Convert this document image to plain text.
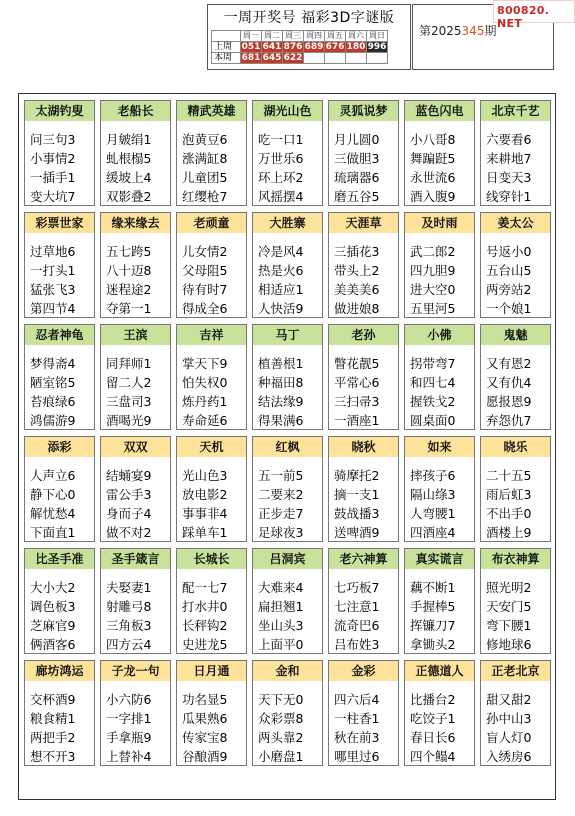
一周开奖号 福彩3D字谜版
	周一	周二	周三	周四	周五	周六	周日
上周	051	641	876	689	676	180	996
本周	681	645	622				
第2025345期
800820. NET
太湖钓叟
问三句3
小事情2
一插手1
变大坑7
老船长
月皴绢1
虬根榻5
缓坡上4
双影叠2
精武英雄
泡黄豆6
涨满缸8
儿童团5
红缨枪7
湖光山色
吃一口1
万世乐6
环上环2
风摇摆4
灵狐说梦
月儿圆0
三做胆3
琉璃器6
磨五谷5
蓝色闪电
小八哥8
舞蹁跹5
永世流6
酒入腹9
北京千艺
六要看6
来耕地7
日变天3
线穿针1
彩票世家
过草地6
一打头1
猛张飞3
第四节4
缘来缘去
五七跨5
八十迈8
迷程途2
夺第一1
老顽童
儿女情2
父母阻5
待有时7
得成全6
大胜寨
冷是风4
热是火6
相适应1
人快活9
天涯草
三插花3
带头上2
美美美6
做进娘8
及时雨
武二郎2
四九胆9
进大空0
五里河5
姜太公
号返小0
五台山5
两旁站2
一个娘1
忍者神龟
梦得斋4
陋室铭5
苔痕绿6
鸿儒游9
王滨
同拜师1
留二人2
三盘司3
酒喝光9
吉祥
掌天下9
怕失权0
炼丹药1
寿命延6
马丁
植善根1
种福田8
结法缘9
得果满6
老孙
瞥花靓5
平常心6
三扫帚3
一酒座1
小佛
拐带弯7
和四七4
握铁戈2
圆桌面0
鬼魅
又有恩2
又有仇4
愿报恩9
弃怨仇7
添彩
人声立6
静下心0
解忧愁4
下面直1
双双
结蛹宴9
雷公手3
身而子4
做不对2
天机
光山色3
放电影2
事事非4
踩单车1
红枫
五一前5
二要来2
正步走7
足球夜3
晓秋
骑摩托2
摘一支1
鼓战播3
送啤酒9
如来
摔孩子6
隔山绦3
人弯腰1
四酒座4
晓乐
二十五5
雨后虹3
不出手0
酒楼上9
比圣手准
大小大2
调色板3
芝麻官9
俩酒客6
圣手箴言
夫娶妻1
射雕弓8
三角板3
四方云4
长城长
配一七7
打水井0
长秤钩2
史进龙5
吕洞宾
大难来4
扁担翘1
坐山头3
上面平0
老六神算
七巧板7
七注意1
流奇巴6
吕布姓3
真实谎言
藕不断1
手握棒5
挥镰刀7
拿锄头2
布衣神算
照光明2
天安门5
弯下腰1
修地球6
廊坊鸿运
交杯酒9
粮食精1
两把手2
想不开3
子龙一句
小六防6
一字排1
手拿瓶9
上替补4
日月通
功名显5
瓜果熟6
传家宝8
谷酿酒9
金和
天下无0
众彩票8
两头靠2
小磨盘1
金彩
四六后4
一柱香1
秋在前3
哪里过6
正德道人
比播台2
吃饺子1
春日长6
四个鳎4
正老北京
甜又甜2
孙中山3
盲人灯0
入绣房6
